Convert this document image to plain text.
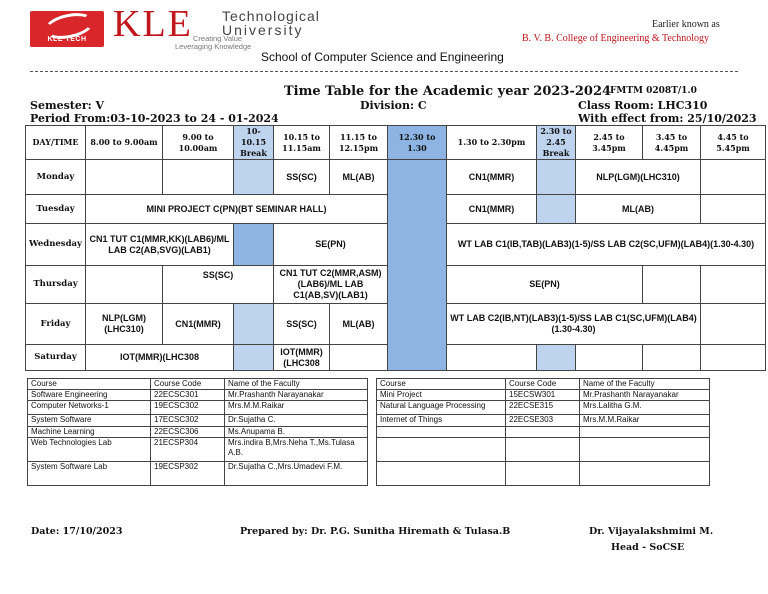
KLE TECH KLE Technological
University
Creating Value
Leveraging Knowledge
Earlier known as
B. V. B. College of Engineering & Technology
School of Computer Science and Engineering
Time Table for the Academic year 2023-2024
FMTM 0208T/1.0
Semester: V	Division: C	Class Room: LHC310
Period From:03-10-2023 to 24 - 01-2024	With effect from: 25/10/2023
DAY/TIME	8.00 to 9.00am	9.00 to 10.00am	10-10.15 Break	10.15 to 11.15am	11.15 to 12.15pm	12.30 to 1.30	1.30 to 2.30pm	2.30 to 2.45 Break	2.45 to 3.45pm	3.45 to 4.45pm	4.45 to 5.45pm
Monday				SS(SC)	ML(AB)		CN1(MMR)		NLP(LGM)(LHC310)		
Tuesday	MINI PROJECT C(PN)(BT SEMINAR HALL)						CN1(MMR)		ML(AB)		
Wednesday	CN1 TUT C1(MMR,KK)(LAB6)/ML LAB C2(AB,SVG)(LAB1)			SE(PN)			WT LAB C1(IB,TAB)(LAB3)(1-5)/SS LAB C2(SC,UFM)(LAB4)(1.30-4.30)				
Thursday		SS(SC)		CN1 TUT C2(MMR,ASM)(LAB6)/ML LAB C1(AB,SV)(LAB1)			SE(PN)				
Friday	NLP(LGM) (LHC310)	CN1(MMR)		SS(SC)	ML(AB)		WT LAB C2(IB,NT)(LAB3)(1-5)/SS LAB C1(SC,UFM)(LAB4) (1.30-4.30)				
Saturday	IOT(MMR)(LHC308			IOT(MMR) (LHC308							
Course	Course Code	Name of the Faculty
Software Engineering	22ECSC301	Mr.Prashanth Narayanakar
Computer Networks-1	19ECSC302	Mrs.M.M.Raikar
System Software	17ECSC302	Dr.Sujatha C.
Machine Learning	22ECSC306	Ms.Anupama B.
Web Technologies Lab	21ECSP304	Mrs.indira B,Mrs.Neha T.,Ms.Tulasa A.B.
System Software Lab	19ECSP302	Dr.Sujatha C.,Mrs.Umadevi F.M.
Course	Course Code	Name of the Faculty
Mini Project	15ECSW301	Mr.Prashanth Narayanakar
Natural Language Processing	22ECSE315	Mrs.Lalitha G.M.
Internet of Things	22ECSE303	Mrs.M.M.Raikar

Date: 17/10/2023	Prepared by: Dr. P.G. Sunitha Hiremath & Tulasa.B	Dr. Vijayalakshmimi M.
Head - SoCSE
